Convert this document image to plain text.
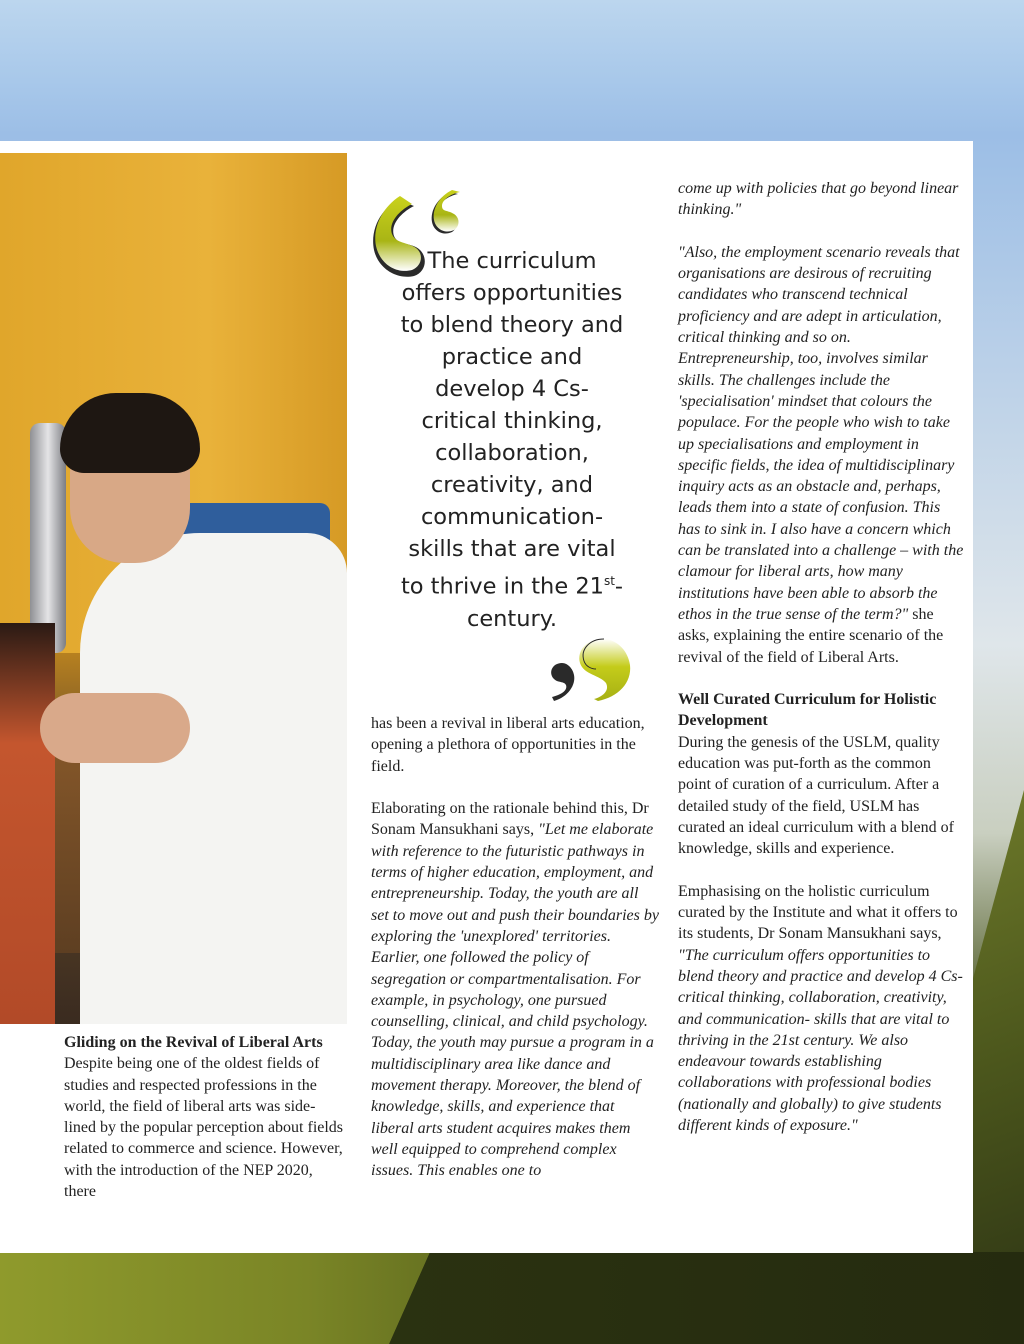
The curriculum offers opportunities to blend theory and practice and develop 4 Cs- critical thinking, collaboration, creativity, and communication- skills that are vital to thrive in the 21st-century.
Gliding on the Revival of Liberal Arts
Despite being one of the oldest fields of studies and respected professions in the world, the field of liberal arts was side-lined by the popular perception about fields related to commerce and science. However, with the introduction of the NEP 2020, there

has been a revival in liberal arts education, opening a plethora of opportunities in the field.

Elaborating on the rationale behind this, Dr Sonam Mansukhani says, "Let me elaborate with reference to the futuristic pathways in terms of higher education, employment, and entrepreneurship. Today, the youth are all set to move out and push their boundaries by exploring the 'unexplored' territories. Earlier, one followed the policy of segregation or compartmentalisation. For example, in psychology, one pursued counselling, clinical, and child psychology. Today, the youth may pursue a program in a multidisciplinary area like dance and movement therapy. Moreover, the blend of knowledge, skills, and experience that liberal arts student acquires makes them well equipped to comprehend complex issues. This enables one to

come up with policies that go beyond linear thinking."

"Also, the employment scenario reveals that organisations are desirous of recruiting candidates who transcend technical proficiency and are adept in articulation, critical thinking and so on. Entrepreneurship, too, involves similar skills. The challenges include the 'specialisation' mindset that colours the populace. For the people who wish to take up specialisations and employment in specific fields, the idea of multidisciplinary inquiry acts as an obstacle and, perhaps, leads them into a state of confusion. This has to sink in. I also have a concern which can be translated into a challenge – with the clamour for liberal arts, how many institutions have been able to absorb the ethos in the true sense of the term?" she asks, explaining the entire scenario of the revival of the field of Liberal Arts.

Well Curated Curriculum for Holistic Development

During the genesis of the USLM, quality education was put-forth as the common point of curation of a curriculum. After a detailed study of the field, USLM has curated an ideal curriculum with a blend of knowledge, skills and experience.

Emphasising on the holistic curriculum curated by the Institute and what it offers to its students, Dr Sonam Mansukhani says, "The curriculum offers opportunities to blend theory and practice and develop 4 Cs- critical thinking, collaboration, creativity, and communication- skills that are vital to thriving in the 21st century. We also endeavour towards establishing collaborations with professional bodies (nationally and globally) to give students different kinds of exposure."
